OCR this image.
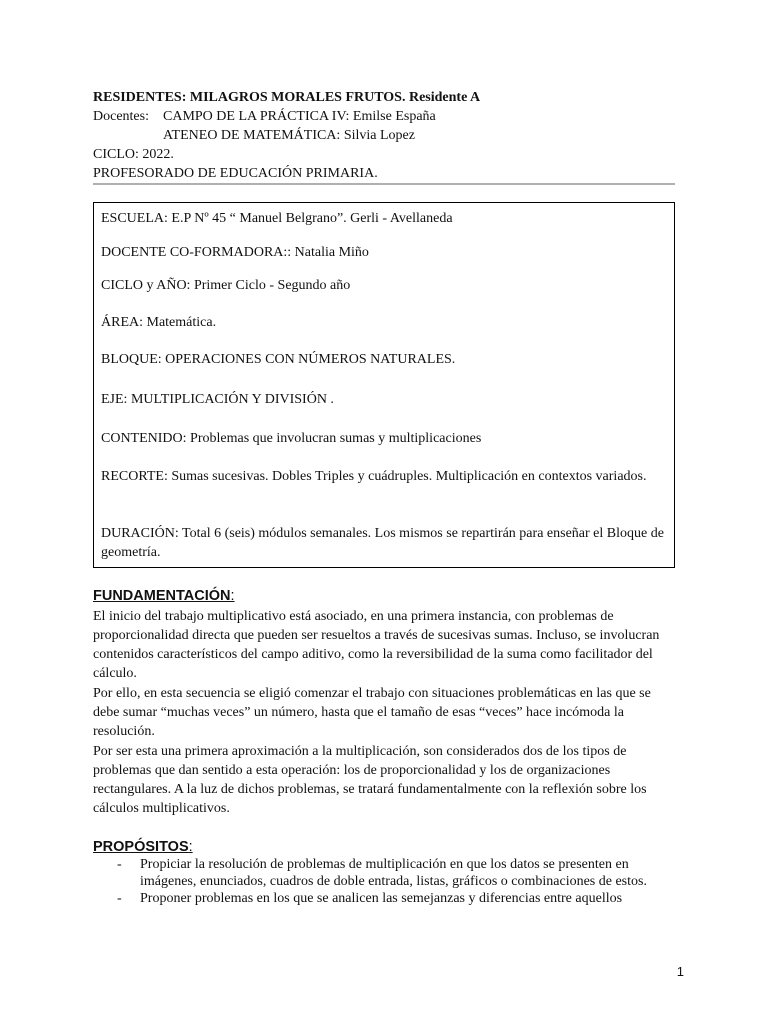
RESIDENTES: MILAGROS MORALES FRUTOS. Residente A
Docentes:	CAMPO DE LA PRÁCTICA IV: Emilse España
ATENEO DE MATEMÁTICA: Silvia Lopez
CICLO: 2022.
PROFESORADO DE EDUCACIÓN PRIMARIA.
ESCUELA: E.P Nº 45 “ Manuel Belgrano”. Gerli - Avellaneda
DOCENTE CO-FORMADORA:: Natalia Miño
CICLO y AÑO: Primer Ciclo - Segundo año
ÁREA: Matemática.
BLOQUE: OPERACIONES CON NÚMEROS NATURALES.
EJE: MULTIPLICACIÓN Y DIVISIÓN .
CONTENIDO: Problemas que involucran sumas y multiplicaciones
RECORTE: Sumas sucesivas. Dobles Triples y cuádruples. Multiplicación en contextos variados.
DURACIÓN: Total 6 (seis) módulos semanales. Los mismos se repartirán para enseñar el Bloque de geometría.
FUNDAMENTACIÓN:
El inicio del trabajo multiplicativo está asociado, en una primera instancia, con problemas de proporcionalidad directa que pueden ser resueltos a través de sucesivas sumas. Incluso, se involucran contenidos característicos del campo aditivo, como la reversibilidad de la suma como facilitador del cálculo.
Por ello, en esta secuencia se eligió comenzar el trabajo con situaciones problemáticas en las que se debe sumar “muchas veces” un número, hasta que el tamaño de esas “veces” hace incómoda la resolución.
Por ser esta una primera aproximación a la multiplicación, son considerados dos de los tipos de problemas que dan sentido a esta operación: los de proporcionalidad y los de organizaciones rectangulares. A la luz de dichos problemas, se tratará fundamentalmente con la reflexión sobre los cálculos multiplicativos.
PROPÓSITOS:
- Propiciar la resolución de problemas de multiplicación en que los datos se presenten en imágenes, enunciados, cuadros de doble entrada, listas, gráficos o combinaciones de estos.
- Proponer problemas en los que se analicen las semejanzas y diferencias entre aquellos
1
